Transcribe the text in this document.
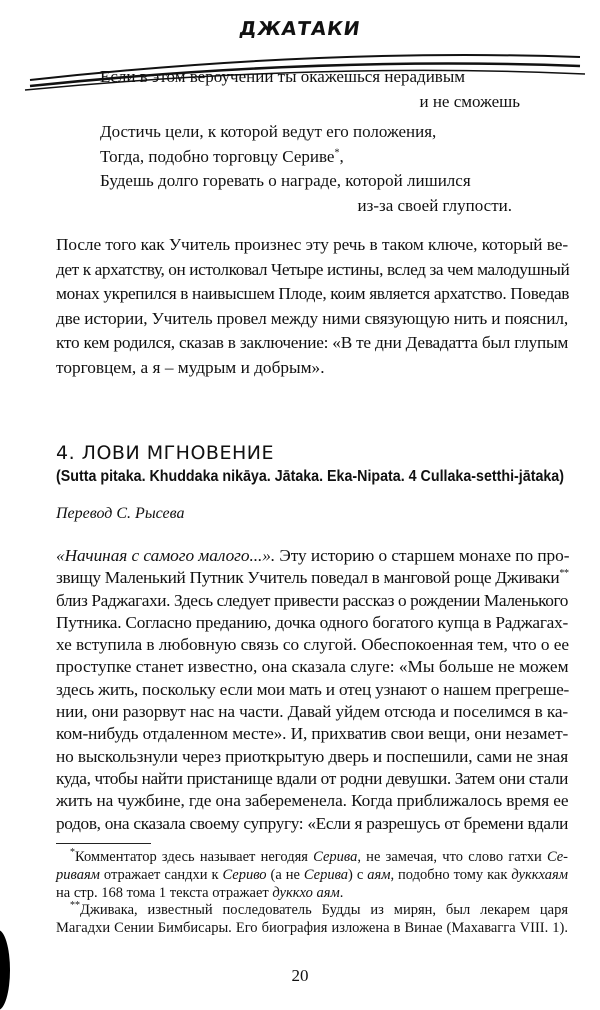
ДЖАТАКИ
Если в этом вероучении ты окажешься нерадивым
и не сможешь
Достичь цели, к которой ведут его положения,
Тогда, подобно торговцу Сериве*,
Будешь долго горевать о награде, которой лишился
из-за своей глупости.
После того как Учитель произнес эту речь в таком ключе, который ве-
дет к архатству, он истолковал Четыре истины, вслед за чем малодушный
монах укрепился в наивысшем Плоде, коим является архатство. Поведав
две истории, Учитель провел между ними связующую нить и пояснил,
кто кем родился, сказав в заключение: «В те дни Девадатта был глупым
торговцем, а я – мудрым и добрым».
4. ЛОВИ МГНОВЕНИЕ
(Sutta pitaka. Khuddaka nikāya. Jātaka. Eka-Nipata. 4 Cullaka-setthi-jātaka)
Перевод С. Рысева
«Начиная с самого малого...». Эту историю о старшем монахе по про-
звищу Маленький Путник Учитель поведал в манговой роще Дживаки**
близ Раджагахи. Здесь следует привести рассказ о рождении Маленького
Путника. Согласно преданию, дочка одного богатого купца в Раджагах-
хе вступила в любовную связь со слугой. Обеспокоенная тем, что о ее
проступке станет известно, она сказала слуге: «Мы больше не можем
здесь жить, поскольку если мои мать и отец узнают о нашем прегреше-
нии, они разорвут нас на части. Давай уйдем отсюда и поселимся в ка-
ком-нибудь отдаленном месте». И, прихватив свои вещи, они незамет-
но выскользнули через приоткрытую дверь и поспешили, сами не зная
куда, чтобы найти пристанище вдали от родни девушки. Затем они стали
жить на чужбине, где она забеременела. Когда приближалось время ее
родов, она сказала своему супругу: «Если я разрешусь от бремени вдали
*Комментатор здесь называет негодяя Серива, не замечая, что слово гатхи Се-
риваям отражает сандхи к Сериво (а не Серива) с аям, подобно тому как дуккхаям
на стр. 168 тома 1 текста отражает дуккхо аям.
**Дживака, известный последователь Будды из мирян, был лекарем царя
Магадхи Сении Бимбисары. Его биография изложена в Винае (Махавагга VIII. 1).
20
